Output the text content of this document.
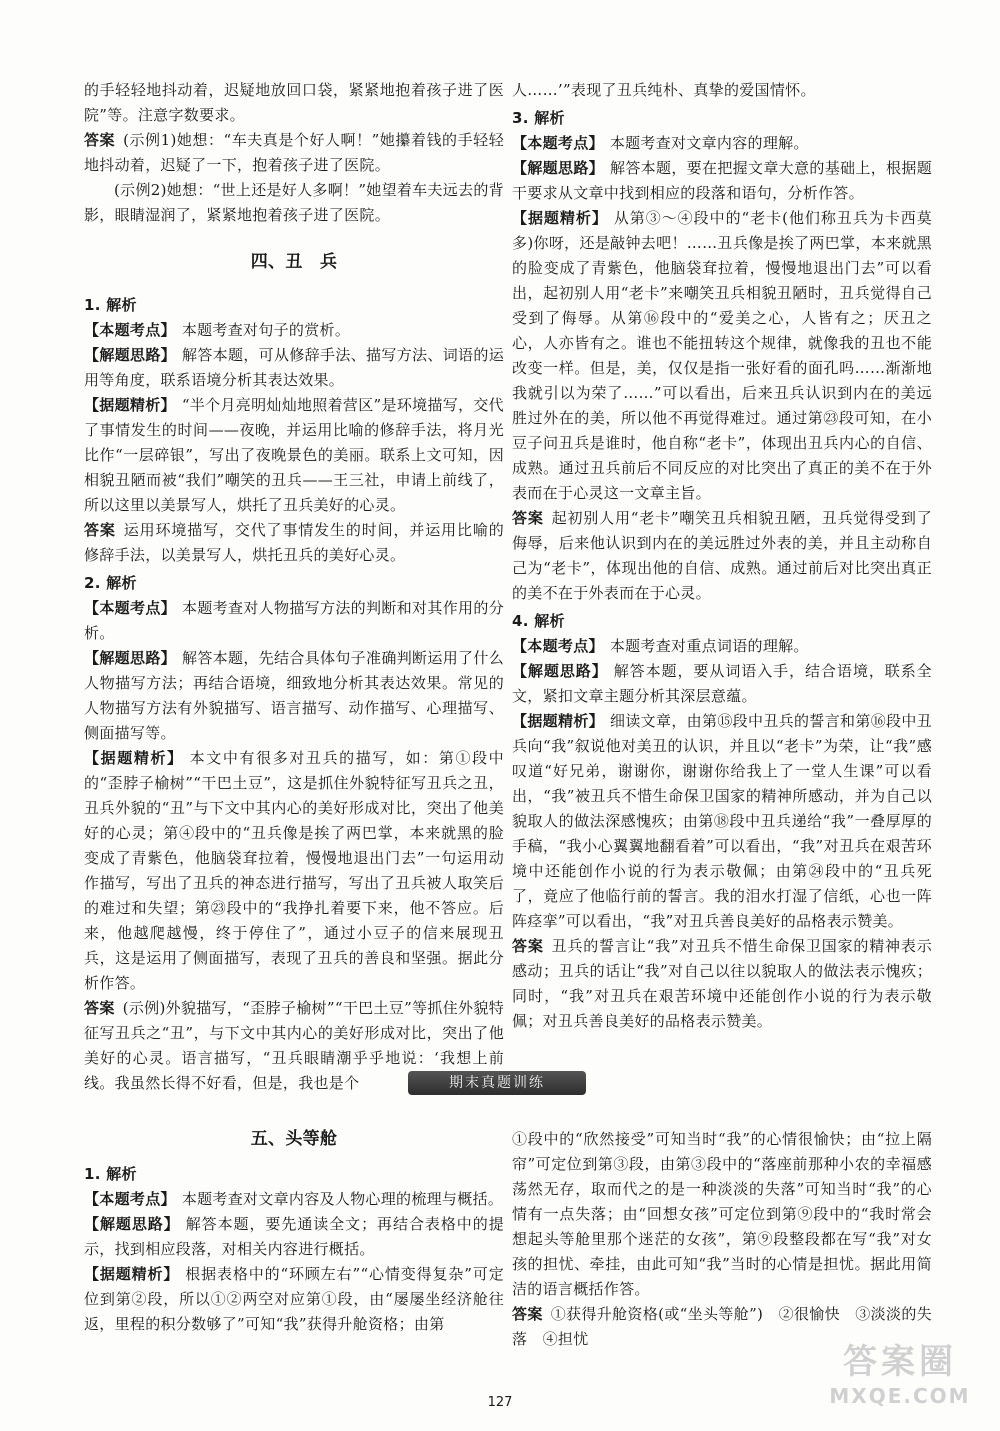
的手轻轻地抖动着，迟疑地放回口袋，紧紧地抱着孩子进了医院”等。注意字数要求。

答案 (示例1)她想：“车夫真是个好人啊！”她攥着钱的手轻轻地抖动着，迟疑了一下，抱着孩子进了医院。

(示例2)她想：“世上还是好人多啊！”她望着车夫远去的背影，眼睛湿润了，紧紧地抱着孩子进了医院。

四、丑　兵
1. 解析

【本题考点】 本题考查对句子的赏析。

【解题思路】 解答本题，可从修辞手法、描写方法、词语的运用等角度，联系语境分析其表达效果。

【据题精析】 “半个月亮明灿灿地照着营区”是环境描写，交代了事情发生的时间——夜晚，并运用比喻的修辞手法，将月光比作“一层碎银”，写出了夜晚景色的美丽。联系上文可知，因相貌丑陋而被“我们”嘲笑的丑兵——王三社，申请上前线了，所以这里以美景写人，烘托了丑兵美好的心灵。

答案 运用环境描写，交代了事情发生的时间，并运用比喻的修辞手法，以美景写人，烘托丑兵的美好心灵。

2. 解析

【本题考点】 本题考查对人物描写方法的判断和对其作用的分析。

【解题思路】 解答本题，先结合具体句子准确判断运用了什么人物描写方法；再结合语境，细致地分析其表达效果。常见的人物描写方法有外貌描写、语言描写、动作描写、心理描写、侧面描写等。

【据题精析】 本文中有很多对丑兵的描写，如：第①段中的“歪脖子榆树”“干巴土豆”，这是抓住外貌特征写丑兵之丑，丑兵外貌的“丑”与下文中其内心的美好形成对比，突出了他美好的心灵；第④段中的“丑兵像是挨了两巴掌，本来就黑的脸变成了青紫色，他脑袋耷拉着，慢慢地退出门去”一句运用动作描写，写出了丑兵的神态进行描写，写出了丑兵被人取笑后的难过和失望；第㉓段中的“我挣扎着要下来，他不答应。后来，他越爬越慢，终于停住了”，通过小豆子的信来展现丑兵，这是运用了侧面描写，表现了丑兵的善良和坚强。据此分析作答。

答案 (示例)外貌描写，“歪脖子榆树”“干巴土豆”等抓住外貌特征写丑兵之“丑”，与下文中其内心的美好形成对比，突出了他美好的心灵。语言描写，“丑兵眼睛潮乎乎地说：‘我想上前线。我虽然长得不好看，但是，我也是个

人……’”表现了丑兵纯朴、真挚的爱国情怀。

3. 解析

【本题考点】 本题考查对文章内容的理解。

【解题思路】 解答本题，要在把握文章大意的基础上，根据题干要求从文章中找到相应的段落和语句，分析作答。

【据题精析】 从第③～④段中的“老卡(他们称丑兵为卡西莫多)你呀，还是敲钟去吧！……丑兵像是挨了两巴掌，本来就黑的脸变成了青紫色，他脑袋耷拉着，慢慢地退出门去”可以看出，起初别人用“老卡”来嘲笑丑兵相貌丑陋时，丑兵觉得自己受到了侮辱。从第⑯段中的“爱美之心，人皆有之；厌丑之心，人亦皆有之。谁也不能扭转这个规律，就像我的丑也不能改变一样。但是，美，仅仅是指一张好看的面孔吗……渐渐地我就引以为荣了……”可以看出，后来丑兵认识到内在的美远胜过外在的美，所以他不再觉得难过。通过第㉓段可知，在小豆子问丑兵是谁时，他自称“老卡”，体现出丑兵内心的自信、成熟。通过丑兵前后不同反应的对比突出了真正的美不在于外表而在于心灵这一文章主旨。

答案 起初别人用“老卡”嘲笑丑兵相貌丑陋，丑兵觉得受到了侮辱，后来他认识到内在的美远胜过外表的美，并且主动称自己为“老卡”，体现出他的自信、成熟。通过前后对比突出真正的美不在于外表而在于心灵。

4. 解析

【本题考点】 本题考查对重点词语的理解。

【解题思路】 解答本题，要从词语入手，结合语境，联系全文，紧扣文章主题分析其深层意蕴。

【据题精析】 细读文章，由第⑮段中丑兵的誓言和第⑯段中丑兵向“我”叙说他对美丑的认识，并且以“老卡”为荣，让“我”感叹道“好兄弟，谢谢你，谢谢你给我上了一堂人生课”可以看出，“我”被丑兵不惜生命保卫国家的精神所感动，并为自己以貌取人的做法深感愧疚；由第⑱段中丑兵递给“我”一叠厚厚的手稿，“我小心翼翼地翻看着”可以看出，“我”对丑兵在艰苦环境中还能创作小说的行为表示敬佩；由第㉔段中的“丑兵死了，竟应了他临行前的誓言。我的泪水打湿了信纸，心也一阵阵痉挛”可以看出，“我”对丑兵善良美好的品格表示赞美。

答案 丑兵的誓言让“我”对丑兵不惜生命保卫国家的精神表示感动；丑兵的话让“我”对自己以往以貌取人的做法表示愧疚；同时，“我”对丑兵在艰苦环境中还能创作小说的行为表示敬佩；对丑兵善良美好的品格表示赞美。

期末真题训练
五、头等舱
1. 解析

【本题考点】 本题考查对文章内容及人物心理的梳理与概括。

【解题思路】 解答本题，要先通读全文；再结合表格中的提示，找到相应段落，对相关内容进行概括。

【据题精析】 根据表格中的“环顾左右”“心情变得复杂”可定位到第②段，所以①②两空对应第①段，由“屡屡坐经济舱往返，里程的积分数够了”可知“我”获得升舱资格；由第

①段中的“欣然接受”可知当时“我”的心情很愉快；由“拉上隔帘”可定位到第③段，由第③段中的“落座前那种小农的幸福感荡然无存，取而代之的是一种淡淡的失落”可知当时“我”的心情有一点失落；由“回想女孩”可定位到第⑨段中的“我时常会想起头等舱里那个迷茫的女孩”，第⑨段整段都在写“我”对女孩的担忧、牵挂，由此可知“我”当时的心情是担忧。据此用简洁的语言概括作答。

答案 ①获得升舱资格(或“坐头等舱”)　②很愉快　③淡淡的失落　④担忧

127
答案圈
MXQE.COM
